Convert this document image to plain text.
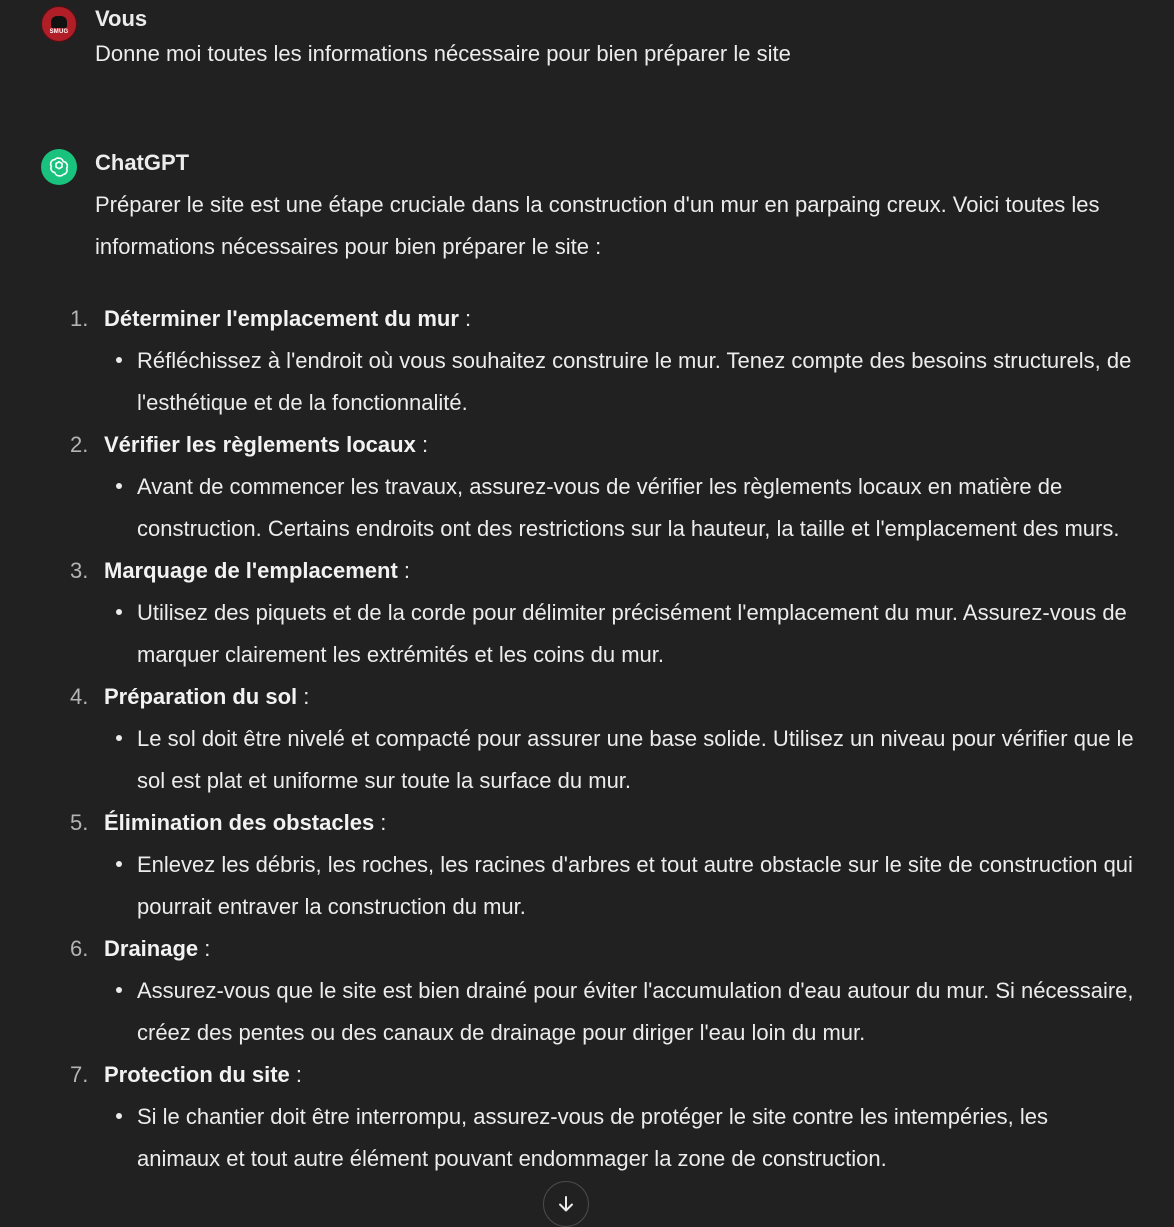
SMUG
Vous
Donne moi toutes les informations nécessaire pour bien préparer le site
ChatGPT

Préparer le site est une étape cruciale dans la construction d'un mur en parpaing creux. Voici toutes les informations nécessaires pour bien préparer le site :

1. Déterminer l'emplacement du mur :
Réfléchissez à l'endroit où vous souhaitez construire le mur. Tenez compte des besoins structurels, de l'esthétique et de la fonctionnalité.
2. Vérifier les règlements locaux :
Avant de commencer les travaux, assurez-vous de vérifier les règlements locaux en matière de construction. Certains endroits ont des restrictions sur la hauteur, la taille et l'emplacement des murs.
3. Marquage de l'emplacement :
Utilisez des piquets et de la corde pour délimiter précisément l'emplacement du mur. Assurez-vous de marquer clairement les extrémités et les coins du mur.
4. Préparation du sol :
Le sol doit être nivelé et compacté pour assurer une base solide. Utilisez un niveau pour vérifier que le sol est plat et uniforme sur toute la surface du mur.
5. Élimination des obstacles :
Enlevez les débris, les roches, les racines d'arbres et tout autre obstacle sur le site de construction qui pourrait entraver la construction du mur.
6. Drainage :
Assurez-vous que le site est bien drainé pour éviter l'accumulation d'eau autour du mur. Si nécessaire, créez des pentes ou des canaux de drainage pour diriger l'eau loin du mur.
7. Protection du site :
Si le chantier doit être interrompu, assurez-vous de protéger le site contre les intempéries, les animaux et tout autre élément pouvant endommager la zone de construction.
